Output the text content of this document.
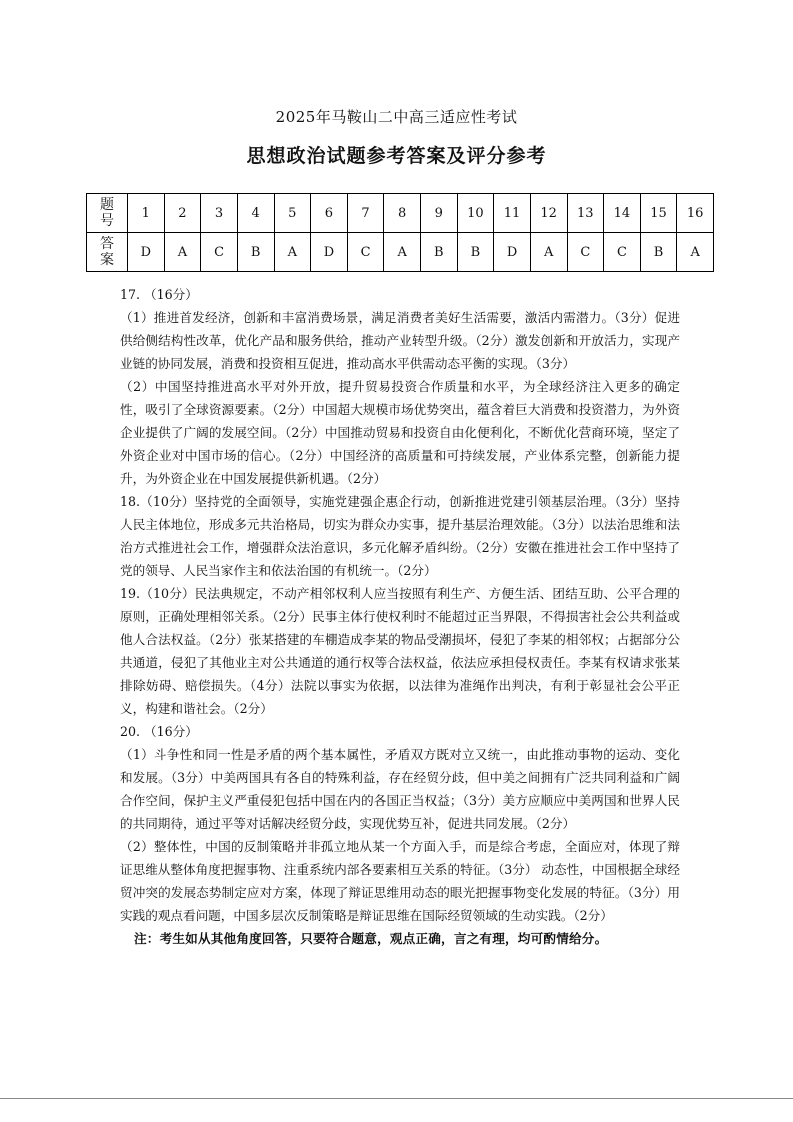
2025年马鞍山二中高三适应性考试
思想政治试题参考答案及评分参考
题
号	1	2	3	4	5	6	7	8	9	10	11	12	13	14	15	16

答
案	D	A	C	B	A	D	C	A	B	B	D	A	C	C	B	A

17. （16分）

（1）推进首发经济，创新和丰富消费场景，满足消费者美好生活需要，激活内需潜力。（3分）促进供给侧结构性改革，优化产品和服务供给，推动产业转型升级。（2分）激发创新和开放活力，实现产业链的协同发展，消费和投资相互促进，推动高水平供需动态平衡的实现。（3分）

（2）中国坚持推进高水平对外开放，提升贸易投资合作质量和水平，为全球经济注入更多的确定性，吸引了全球资源要素。（2分）中国超大规模市场优势突出，蕴含着巨大消费和投资潜力，为外资企业提供了广阔的发展空间。（2分）中国推动贸易和投资自由化便利化，不断优化营商环境，坚定了外资企业对中国市场的信心。（2分）中国经济的高质量和可持续发展，产业体系完整，创新能力提升，为外资企业在中国发展提供新机遇。（2分）

18.（10分）坚持党的全面领导，实施党建强企惠企行动，创新推进党建引领基层治理。（3分）坚持人民主体地位，形成多元共治格局，切实为群众办实事，提升基层治理效能。（3分）以法治思维和法治方式推进社会工作，增强群众法治意识，多元化解矛盾纠纷。（2分）安徽在推进社会工作中坚持了党的领导、人民当家作主和依法治国的有机统一。（2分）

19.（10分）民法典规定，不动产相邻权利人应当按照有利生产、方便生活、团结互助、公平合理的原则，正确处理相邻关系。（2分）民事主体行使权利时不能超过正当界限，不得损害社会公共利益或他人合法权益。（2分）张某搭建的车棚造成李某的物品受潮损坏，侵犯了李某的相邻权；占据部分公共通道，侵犯了其他业主对公共通道的通行权等合法权益，依法应承担侵权责任。李某有权请求张某排除妨碍、赔偿损失。（4分）法院以事实为依据，以法律为准绳作出判决，有利于彰显社会公平正义，构建和谐社会。（2分）

20. （16分）

（1）斗争性和同一性是矛盾的两个基本属性，矛盾双方既对立又统一，由此推动事物的运动、变化和发展。（3分）中美两国具有各自的特殊利益，存在经贸分歧，但中美之间拥有广泛共同利益和广阔合作空间，保护主义严重侵犯包括中国在内的各国正当权益；（3分）美方应顺应中美两国和世界人民的共同期待，通过平等对话解决经贸分歧，实现优势互补，促进共同发展。（2分）

（2）整体性，中国的反制策略并非孤立地从某一个方面入手，而是综合考虑，全面应对，体现了辩证思维从整体角度把握事物、注重系统内部各要素相互关系的特征。（3分） 动态性，中国根据全球经贸冲突的发展态势制定应对方案，体现了辩证思维用动态的眼光把握事物变化发展的特征。（3分）用实践的观点看问题，中国多层次反制策略是辩证思维在国际经贸领域的生动实践。（2分）

注：考生如从其他角度回答，只要符合题意，观点正确，言之有理，均可酌情给分。
